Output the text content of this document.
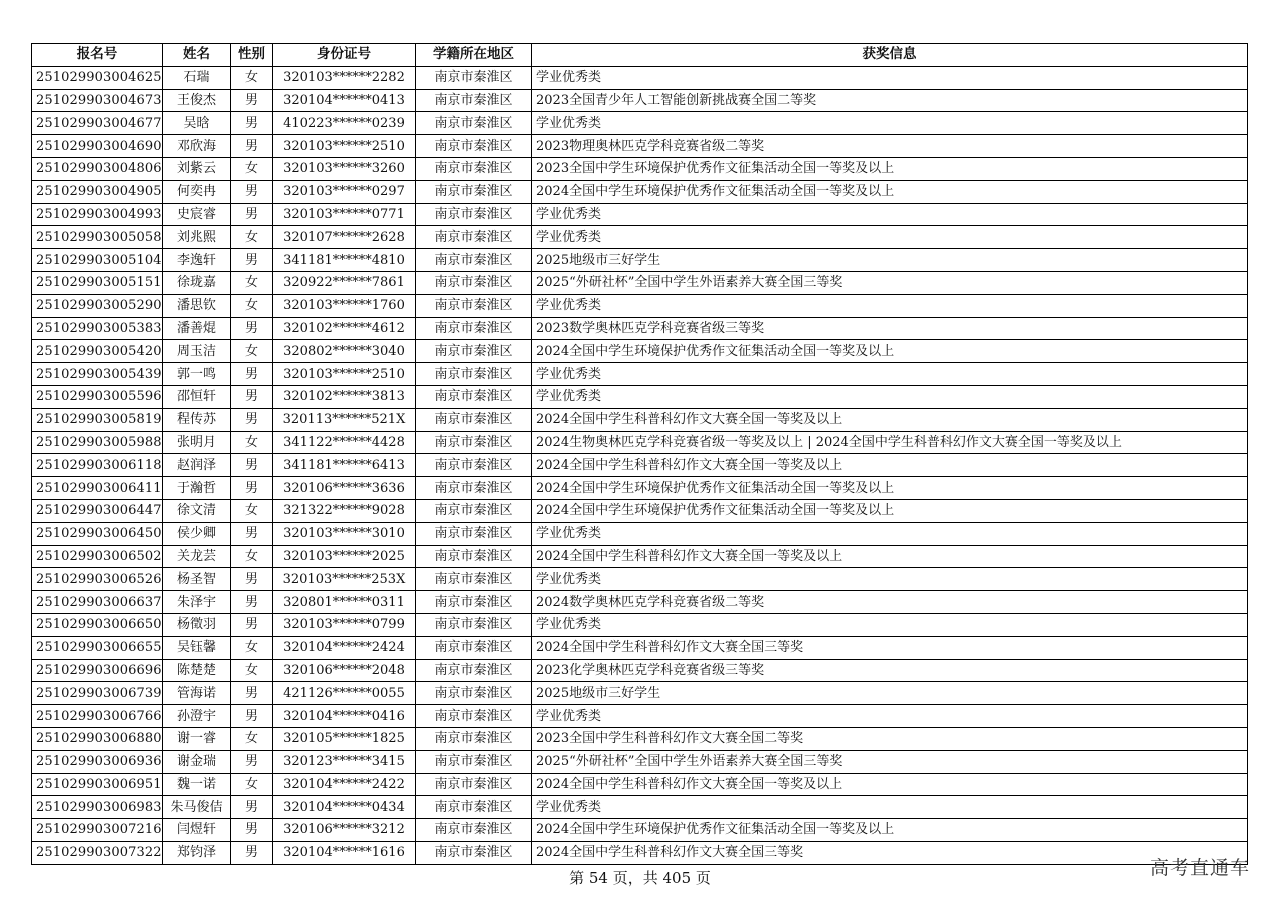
报名号	姓名	性别	身份证号	学籍所在地区	获奖信息
251029903004625	石瑞	女	320103******2282	南京市秦淮区	学业优秀类
251029903004673	王俊杰	男	320104******0413	南京市秦淮区	2023全国青少年人工智能创新挑战赛全国二等奖
251029903004677	吴晗	男	410223******0239	南京市秦淮区	学业优秀类
251029903004690	邓欣海	男	320103******2510	南京市秦淮区	2023物理奥林匹克学科竞赛省级二等奖
251029903004806	刘紫云	女	320103******3260	南京市秦淮区	2023全国中学生环境保护优秀作文征集活动全国一等奖及以上
251029903004905	何奕冉	男	320103******0297	南京市秦淮区	2024全国中学生环境保护优秀作文征集活动全国一等奖及以上
251029903004993	史宸睿	男	320103******0771	南京市秦淮区	学业优秀类
251029903005058	刘兆熙	女	320107******2628	南京市秦淮区	学业优秀类
251029903005104	李逸轩	男	341181******4810	南京市秦淮区	2025地级市三好学生
251029903005151	徐珑嘉	女	320922******7861	南京市秦淮区	2025“外研社杯”全国中学生外语素养大赛全国三等奖
251029903005290	潘思钦	女	320103******1760	南京市秦淮区	学业优秀类
251029903005383	潘善焜	男	320102******4612	南京市秦淮区	2023数学奥林匹克学科竞赛省级三等奖
251029903005420	周玉洁	女	320802******3040	南京市秦淮区	2024全国中学生环境保护优秀作文征集活动全国一等奖及以上
251029903005439	郭一鸣	男	320103******2510	南京市秦淮区	学业优秀类
251029903005596	邵恒轩	男	320102******3813	南京市秦淮区	学业优秀类
251029903005819	程传苏	男	320113******521X	南京市秦淮区	2024全国中学生科普科幻作文大赛全国一等奖及以上
251029903005988	张明月	女	341122******4428	南京市秦淮区	2024生物奥林匹克学科竞赛省级一等奖及以上 | 2024全国中学生科普科幻作文大赛全国一等奖及以上
251029903006118	赵润泽	男	341181******6413	南京市秦淮区	2024全国中学生科普科幻作文大赛全国一等奖及以上
251029903006411	于瀚哲	男	320106******3636	南京市秦淮区	2024全国中学生环境保护优秀作文征集活动全国一等奖及以上
251029903006447	徐文清	女	321322******9028	南京市秦淮区	2024全国中学生环境保护优秀作文征集活动全国一等奖及以上
251029903006450	侯少卿	男	320103******3010	南京市秦淮区	学业优秀类
251029903006502	关龙芸	女	320103******2025	南京市秦淮区	2024全国中学生科普科幻作文大赛全国一等奖及以上
251029903006526	杨圣智	男	320103******253X	南京市秦淮区	学业优秀类
251029903006637	朱泽宇	男	320801******0311	南京市秦淮区	2024数学奥林匹克学科竞赛省级二等奖
251029903006650	杨徵羽	男	320103******0799	南京市秦淮区	学业优秀类
251029903006655	吴钰馨	女	320104******2424	南京市秦淮区	2024全国中学生科普科幻作文大赛全国三等奖
251029903006696	陈楚楚	女	320106******2048	南京市秦淮区	2023化学奥林匹克学科竞赛省级三等奖
251029903006739	管海诺	男	421126******0055	南京市秦淮区	2025地级市三好学生
251029903006766	孙澄宇	男	320104******0416	南京市秦淮区	学业优秀类
251029903006880	谢一睿	女	320105******1825	南京市秦淮区	2023全国中学生科普科幻作文大赛全国二等奖
251029903006936	谢金瑞	男	320123******3415	南京市秦淮区	2025“外研社杯”全国中学生外语素养大赛全国三等奖
251029903006951	魏一诺	女	320104******2422	南京市秦淮区	2024全国中学生科普科幻作文大赛全国一等奖及以上
251029903006983	朱马俊佶	男	320104******0434	南京市秦淮区	学业优秀类
251029903007216	闫煜轩	男	320106******3212	南京市秦淮区	2024全国中学生环境保护优秀作文征集活动全国一等奖及以上
251029903007322	郑钧泽	男	320104******1616	南京市秦淮区	2024全国中学生科普科幻作文大赛全国三等奖
第 54 页，共 405 页	高考直通车
